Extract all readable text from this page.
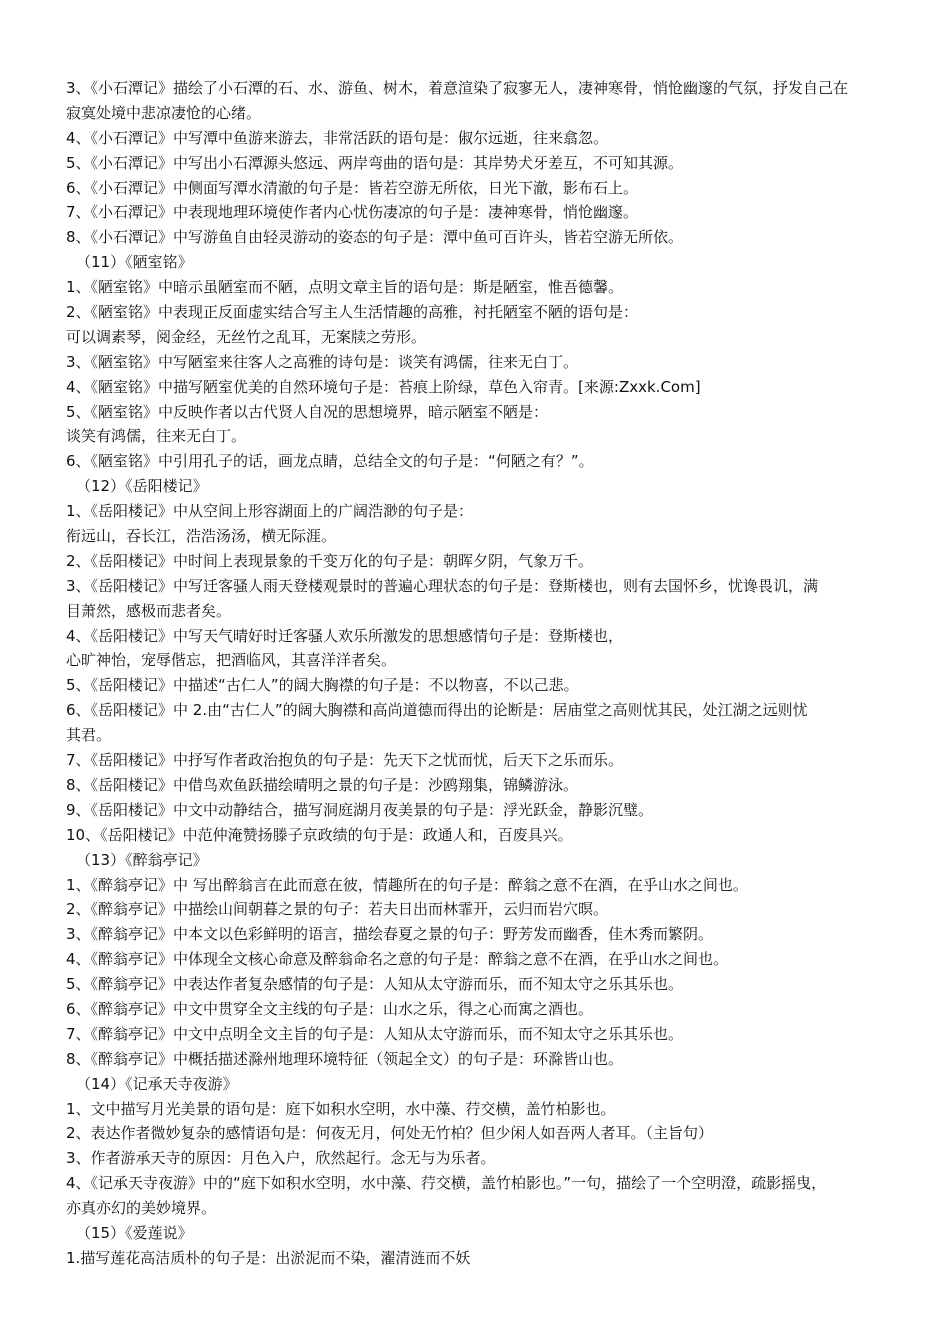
3、《小石潭记》描绘了小石潭的石、水、游鱼、树木，着意渲染了寂寥无人，凄神寒骨，悄怆幽邃的气氛，抒发自己在
寂寞处境中悲凉凄怆的心绪。
4、《小石潭记》中写潭中鱼游来游去，非常活跃的语句是：俶尔远逝，往来翕忽。
5、《小石潭记》中写出小石潭源头悠远、两岸弯曲的语句是：其岸势犬牙差互，不可知其源。
6、《小石潭记》中侧面写潭水清澈的句子是：皆若空游无所依，日光下澈，影布石上。
7、《小石潭记》中表现地理环境使作者内心忧伤凄凉的句子是：凄神寒骨，悄怆幽邃。
8、《小石潭记》中写游鱼自由轻灵游动的姿态的句子是：潭中鱼可百许头，皆若空游无所依。
（11）《陋室铭》
1、《陋室铭》中暗示虽陋室而不陋，点明文章主旨的语句是：斯是陋室，惟吾德馨。
2、《陋室铭》中表现正反面虚实结合写主人生活情趣的高雅，衬托陋室不陋的语句是：
可以调素琴，阅金经，无丝竹之乱耳，无案牍之劳形。
3、《陋室铭》中写陋室来往客人之高雅的诗句是：谈笑有鸿儒，往来无白丁。
4、《陋室铭》中描写陋室优美的自然环境句子是：苔痕上阶绿，草色入帘青。[来源:Zxxk.Com]
5、《陋室铭》中反映作者以古代贤人自况的思想境界，暗示陋室不陋是：
谈笑有鸿儒，往来无白丁。
6、《陋室铭》中引用孔子的话，画龙点睛，总结全文的句子是：“何陋之有？”。
（12）《岳阳楼记》
1、《岳阳楼记》中从空间上形容湖面上的广阔浩渺的句子是：
衔远山，吞长江，浩浩汤汤，横无际涯。
2、《岳阳楼记》中时间上表现景象的千变万化的句子是：朝晖夕阴，气象万千。
3、《岳阳楼记》中写迁客骚人雨天登楼观景时的普遍心理状态的句子是：登斯楼也，则有去国怀乡，忧谗畏讥，满
目萧然，感极而悲者矣。
4、《岳阳楼记》中写天气晴好时迁客骚人欢乐所激发的思想感情句子是：登斯楼也，
心旷神怡，宠辱偕忘，把酒临风，其喜洋洋者矣。
5、《岳阳楼记》中描述“古仁人”的阔大胸襟的句子是：不以物喜，不以己悲。
6、《岳阳楼记》中 2.由“古仁人”的阔大胸襟和高尚道德而得出的论断是：居庙堂之高则忧其民，处江湖之远则忧
其君。
7、《岳阳楼记》中抒写作者政治抱负的句子是：先天下之忧而忧，后天下之乐而乐。
8、《岳阳楼记》中借鸟欢鱼跃描绘晴明之景的句子是：沙鸥翔集，锦鳞游泳。
9、《岳阳楼记》中文中动静结合，描写洞庭湖月夜美景的句子是：浮光跃金，静影沉璧。
10、《岳阳楼记》中范仲淹赞扬滕子京政绩的句于是：政通人和，百废具兴。
（13）《醉翁亭记》
1、《醉翁亭记》中 写出醉翁言在此而意在彼，情趣所在的句子是：醉翁之意不在酒，在乎山水之间也。
2、《醉翁亭记》中描绘山间朝暮之景的句子：若夫日出而林霏开，云归而岩穴暝。
3、《醉翁亭记》中本文以色彩鲜明的语言，描绘春夏之景的句子：野芳发而幽香，佳木秀而繁阴。
4、《醉翁亭记》中体现全文核心命意及醉翁命名之意的句子是：醉翁之意不在酒，在乎山水之间也。
5、《醉翁亭记》中表达作者复杂感情的句子是：人知从太守游而乐，而不知太守之乐其乐也。
6、《醉翁亭记》中文中贯穿全文主线的句子是：山水之乐，得之心而寓之酒也。
7、《醉翁亭记》中文中点明全文主旨的句子是：人知从太守游而乐，而不知太守之乐其乐也。
8、《醉翁亭记》中概括描述滁州地理环境特征（领起全文）的句子是：环滁皆山也。
（14）《记承天寺夜游》
1、文中描写月光美景的语句是：庭下如积水空明，水中藻、荇交横，盖竹柏影也。
2、表达作者微妙复杂的感情语句是：何夜无月，何处无竹柏？但少闲人如吾两人者耳。（主旨句）
3、作者游承天寺的原因：月色入户，欣然起行。念无与为乐者。
4、《记承天寺夜游》中的“庭下如积水空明，水中藻、荇交横，盖竹柏影也。”一句，描绘了一个空明澄，疏影摇曳，
亦真亦幻的美妙境界。
（15）《爱莲说》
1.描写莲花高洁质朴的句子是：出淤泥而不染，濯清涟而不妖
